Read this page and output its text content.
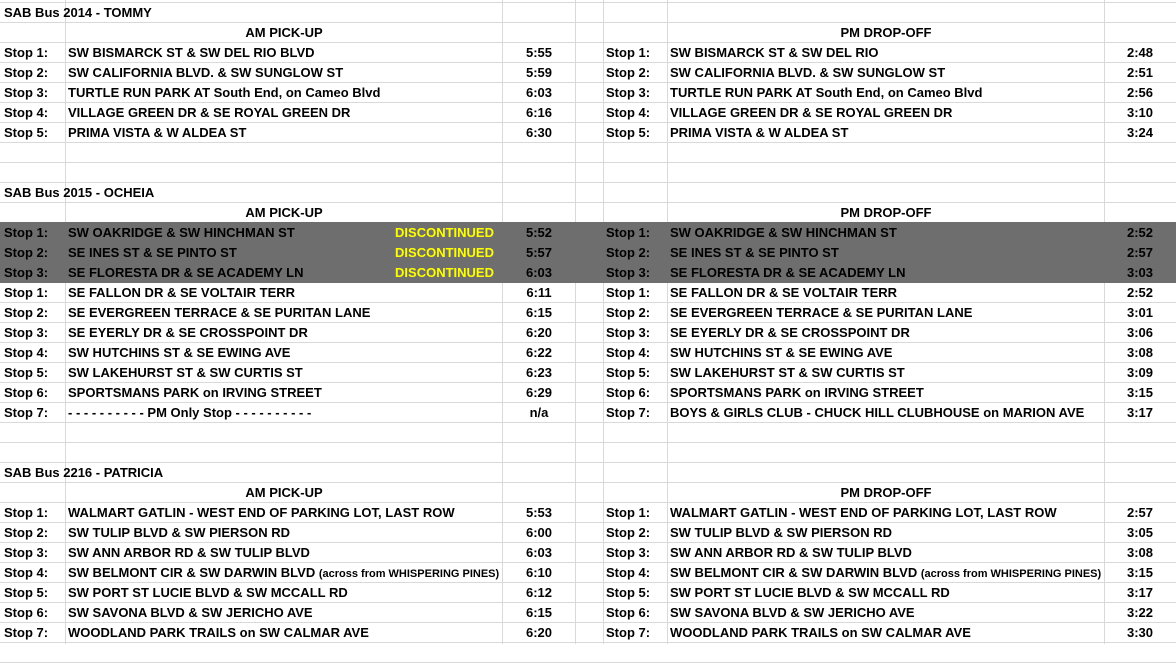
SAB Bus 2014 - TOMMY
AM PICK-UP	PM DROP-OFF
Stop 1:	SW BISMARCK ST & SW DEL RIO BLVD	5:55	Stop 1:	SW BISMARCK ST & SW DEL RIO	2:48
Stop 2:	SW CALIFORNIA BLVD. & SW SUNGLOW ST	5:59	Stop 2:	SW CALIFORNIA BLVD. & SW SUNGLOW ST	2:51
Stop 3:	TURTLE RUN PARK AT South End, on Cameo Blvd	6:03	Stop 3:	TURTLE RUN PARK AT South End, on Cameo Blvd	2:56
Stop 4:	VILLAGE GREEN DR & SE ROYAL GREEN DR	6:16	Stop 4:	VILLAGE GREEN DR & SE ROYAL GREEN DR	3:10
Stop 5:	PRIMA VISTA & W ALDEA ST	6:30	Stop 5:	PRIMA VISTA & W ALDEA ST	3:24
SAB Bus 2015 - OCHEIA
AM PICK-UP	PM DROP-OFF
Stop 1:	SW OAKRIDGE & SW HINCHMAN ST	DISCONTINUED	5:52	Stop 1:	SW OAKRIDGE & SW HINCHMAN ST	2:52
Stop 2:	SE INES ST & SE PINTO ST	DISCONTINUED	5:57	Stop 2:	SE INES ST & SE PINTO ST	2:57
Stop 3:	SE FLORESTA DR & SE ACADEMY LN	DISCONTINUED	6:03	Stop 3:	SE FLORESTA DR & SE ACADEMY LN	3:03
Stop 1:	SE FALLON DR & SE VOLTAIR TERR	6:11	Stop 1:	SE FALLON DR & SE VOLTAIR TERR	2:52
Stop 2:	SE EVERGREEN TERRACE & SE PURITAN LANE	6:15	Stop 2:	SE EVERGREEN TERRACE & SE PURITAN LANE	3:01
Stop 3:	SE EYERLY DR & SE CROSSPOINT DR	6:20	Stop 3:	SE EYERLY DR & SE CROSSPOINT DR	3:06
Stop 4:	SW HUTCHINS ST & SE EWING AVE	6:22	Stop 4:	SW HUTCHINS ST & SE EWING AVE	3:08
Stop 5:	SW LAKEHURST ST & SW CURTIS ST	6:23	Stop 5:	SW LAKEHURST ST & SW CURTIS ST	3:09
Stop 6:	SPORTSMANS PARK on IRVING STREET	6:29	Stop 6:	SPORTSMANS PARK on IRVING STREET	3:15
Stop 7:	- - - - - - - - - - PM Only Stop - - - - - - - - - -	n/a	Stop 7:	BOYS & GIRLS CLUB - CHUCK HILL CLUBHOUSE on MARION AVE	3:17
SAB Bus 2216 - PATRICIA
AM PICK-UP	PM DROP-OFF
Stop 1:	WALMART GATLIN - WEST END OF PARKING LOT, LAST ROW	5:53	Stop 1:	WALMART GATLIN - WEST END OF PARKING LOT, LAST ROW	2:57
Stop 2:	SW TULIP BLVD & SW PIERSON RD	6:00	Stop 2:	SW TULIP BLVD & SW PIERSON RD	3:05
Stop 3:	SW ANN ARBOR RD & SW TULIP BLVD	6:03	Stop 3:	SW ANN ARBOR RD & SW TULIP BLVD	3:08
Stop 4:	SW BELMONT CIR & SW DARWIN BLVD (across from WHISPERING PINES)	6:10	Stop 4:	SW BELMONT CIR & SW DARWIN BLVD (across from WHISPERING PINES)	3:15
Stop 5:	SW PORT ST LUCIE BLVD & SW MCCALL RD	6:12	Stop 5:	SW PORT ST LUCIE BLVD & SW MCCALL RD	3:17
Stop 6:	SW SAVONA BLVD & SW JERICHO AVE	6:15	Stop 6:	SW SAVONA BLVD & SW JERICHO AVE	3:22
Stop 7:	WOODLAND PARK TRAILS on SW CALMAR AVE	6:20	Stop 7:	WOODLAND PARK TRAILS on SW CALMAR AVE	3:30
